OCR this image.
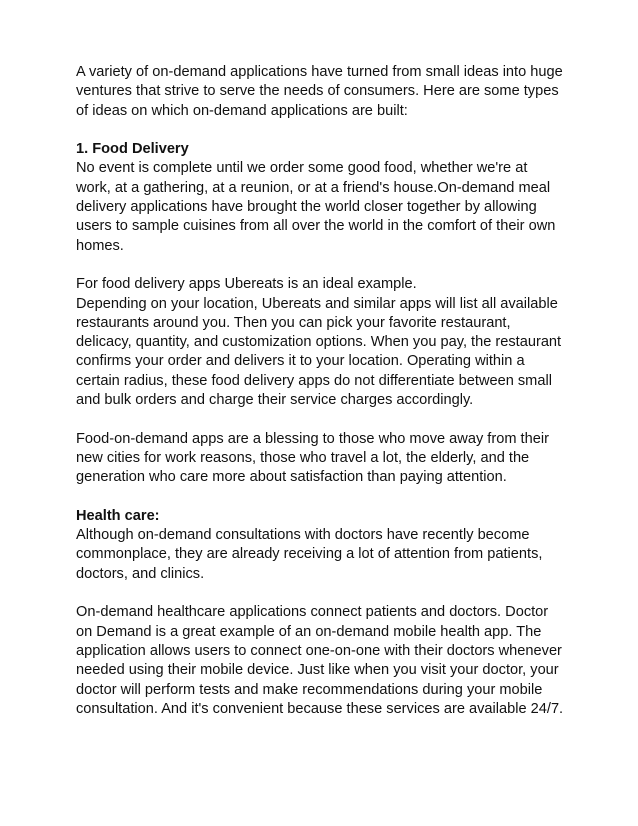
A variety of on-demand applications have turned from small ideas into huge
ventures that strive to serve the needs of consumers. Here are some types
of ideas on which on-demand applications are built:
1. Food Delivery
No event is complete until we order some good food, whether we're at
work, at a gathering, at a reunion, or at a friend's house.On-demand meal
delivery applications have brought the world closer together by allowing
users to sample cuisines from all over the world in the comfort of their own
homes.
For food delivery apps Ubereats is an ideal example.
Depending on your location, Ubereats and similar apps will list all available
restaurants around you. Then you can pick your favorite restaurant,
delicacy, quantity, and customization options. When you pay, the restaurant
confirms your order and delivers it to your location. Operating within a
certain radius, these food delivery apps do not differentiate between small
and bulk orders and charge their service charges accordingly.
Food-on-demand apps are a blessing to those who move away from their
new cities for work reasons, those who travel a lot, the elderly, and the
generation who care more about satisfaction than paying attention.
Health care:
Although on-demand consultations with doctors have recently become
commonplace, they are already receiving a lot of attention from patients,
doctors, and clinics.
On-demand healthcare applications connect patients and doctors. Doctor
on Demand is a great example of an on-demand mobile health app. The
application allows users to connect one-on-one with their doctors whenever
needed using their mobile device. Just like when you visit your doctor, your
doctor will perform tests and make recommendations during your mobile
consultation. And it's convenient because these services are available 24/7.
